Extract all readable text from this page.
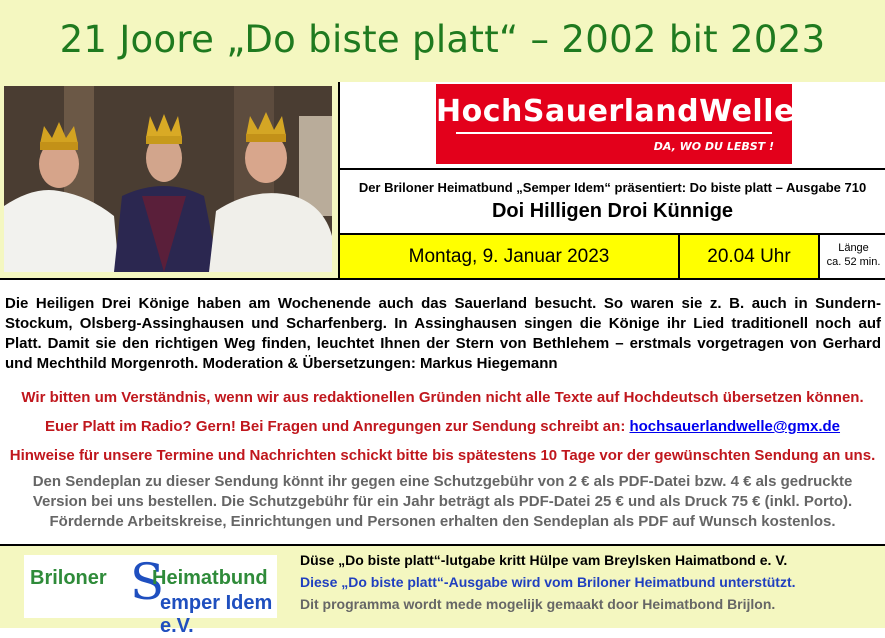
21 Joore „Do biste platt“ – 2002 bit 2023
HochSauerlandWelle
DA, WO DU LEBST !
Der Briloner Heimatbund „Semper Idem“ präsentiert: Do biste platt – Ausgabe 710
Doi Hilligen Droi Künnige
Montag, 9. Januar 2023	20.04 Uhr	Länge
ca. 52 min.
Die Heiligen Drei Könige haben am Wochenende auch das Sauerland besucht. So waren sie z. B. auch in Sundern-Stockum, Olsberg-Assinghausen und Scharfenberg. In Assinghausen singen die Könige ihr Lied traditionell noch auf Platt. Damit sie den richtigen Weg finden, leuchtet Ihnen der Stern von Bethlehem – erstmals vorgetragen von Gerhard und Mechthild Morgenroth. Moderation & Übersetzungen: Markus Hiegemann
Wir bitten um Verständnis, wenn wir aus redaktionellen Gründen nicht alle Texte auf Hochdeutsch übersetzen können.
Euer Platt im Radio? Gern! Bei Fragen und Anregungen zur Sendung schreibt an: hochsauerlandwelle@gmx.de
Hinweise für unsere Termine und Nachrichten schickt bitte bis spätestens 10 Tage vor der gewünschten Sendung an uns.
Den Sendeplan zu dieser Sendung könnt ihr gegen eine Schutzgebühr von 2 € als PDF-Datei bzw. 4 € als gedruckte
Version bei uns bestellen. Die Schutzgebühr für ein Jahr beträgt als PDF-Datei 25 € und als Druck 75 € (inkl. Porto).
Fördernde Arbeitskreise, Einrichtungen und Personen erhalten den Sendeplan als PDF auf Wunsch kostenlos.
Briloner S
Heimatbund
emper Idem e.V.
Düse „Do biste platt“-lutgabe kritt Hülpe vam Breylsken Haimatbond e. V.
Diese „Do biste platt“-Ausgabe wird vom Briloner Heimatbund unterstützt.
Dit programma wordt mede mogelijk gemaakt door Heimatbond Brijlon.
